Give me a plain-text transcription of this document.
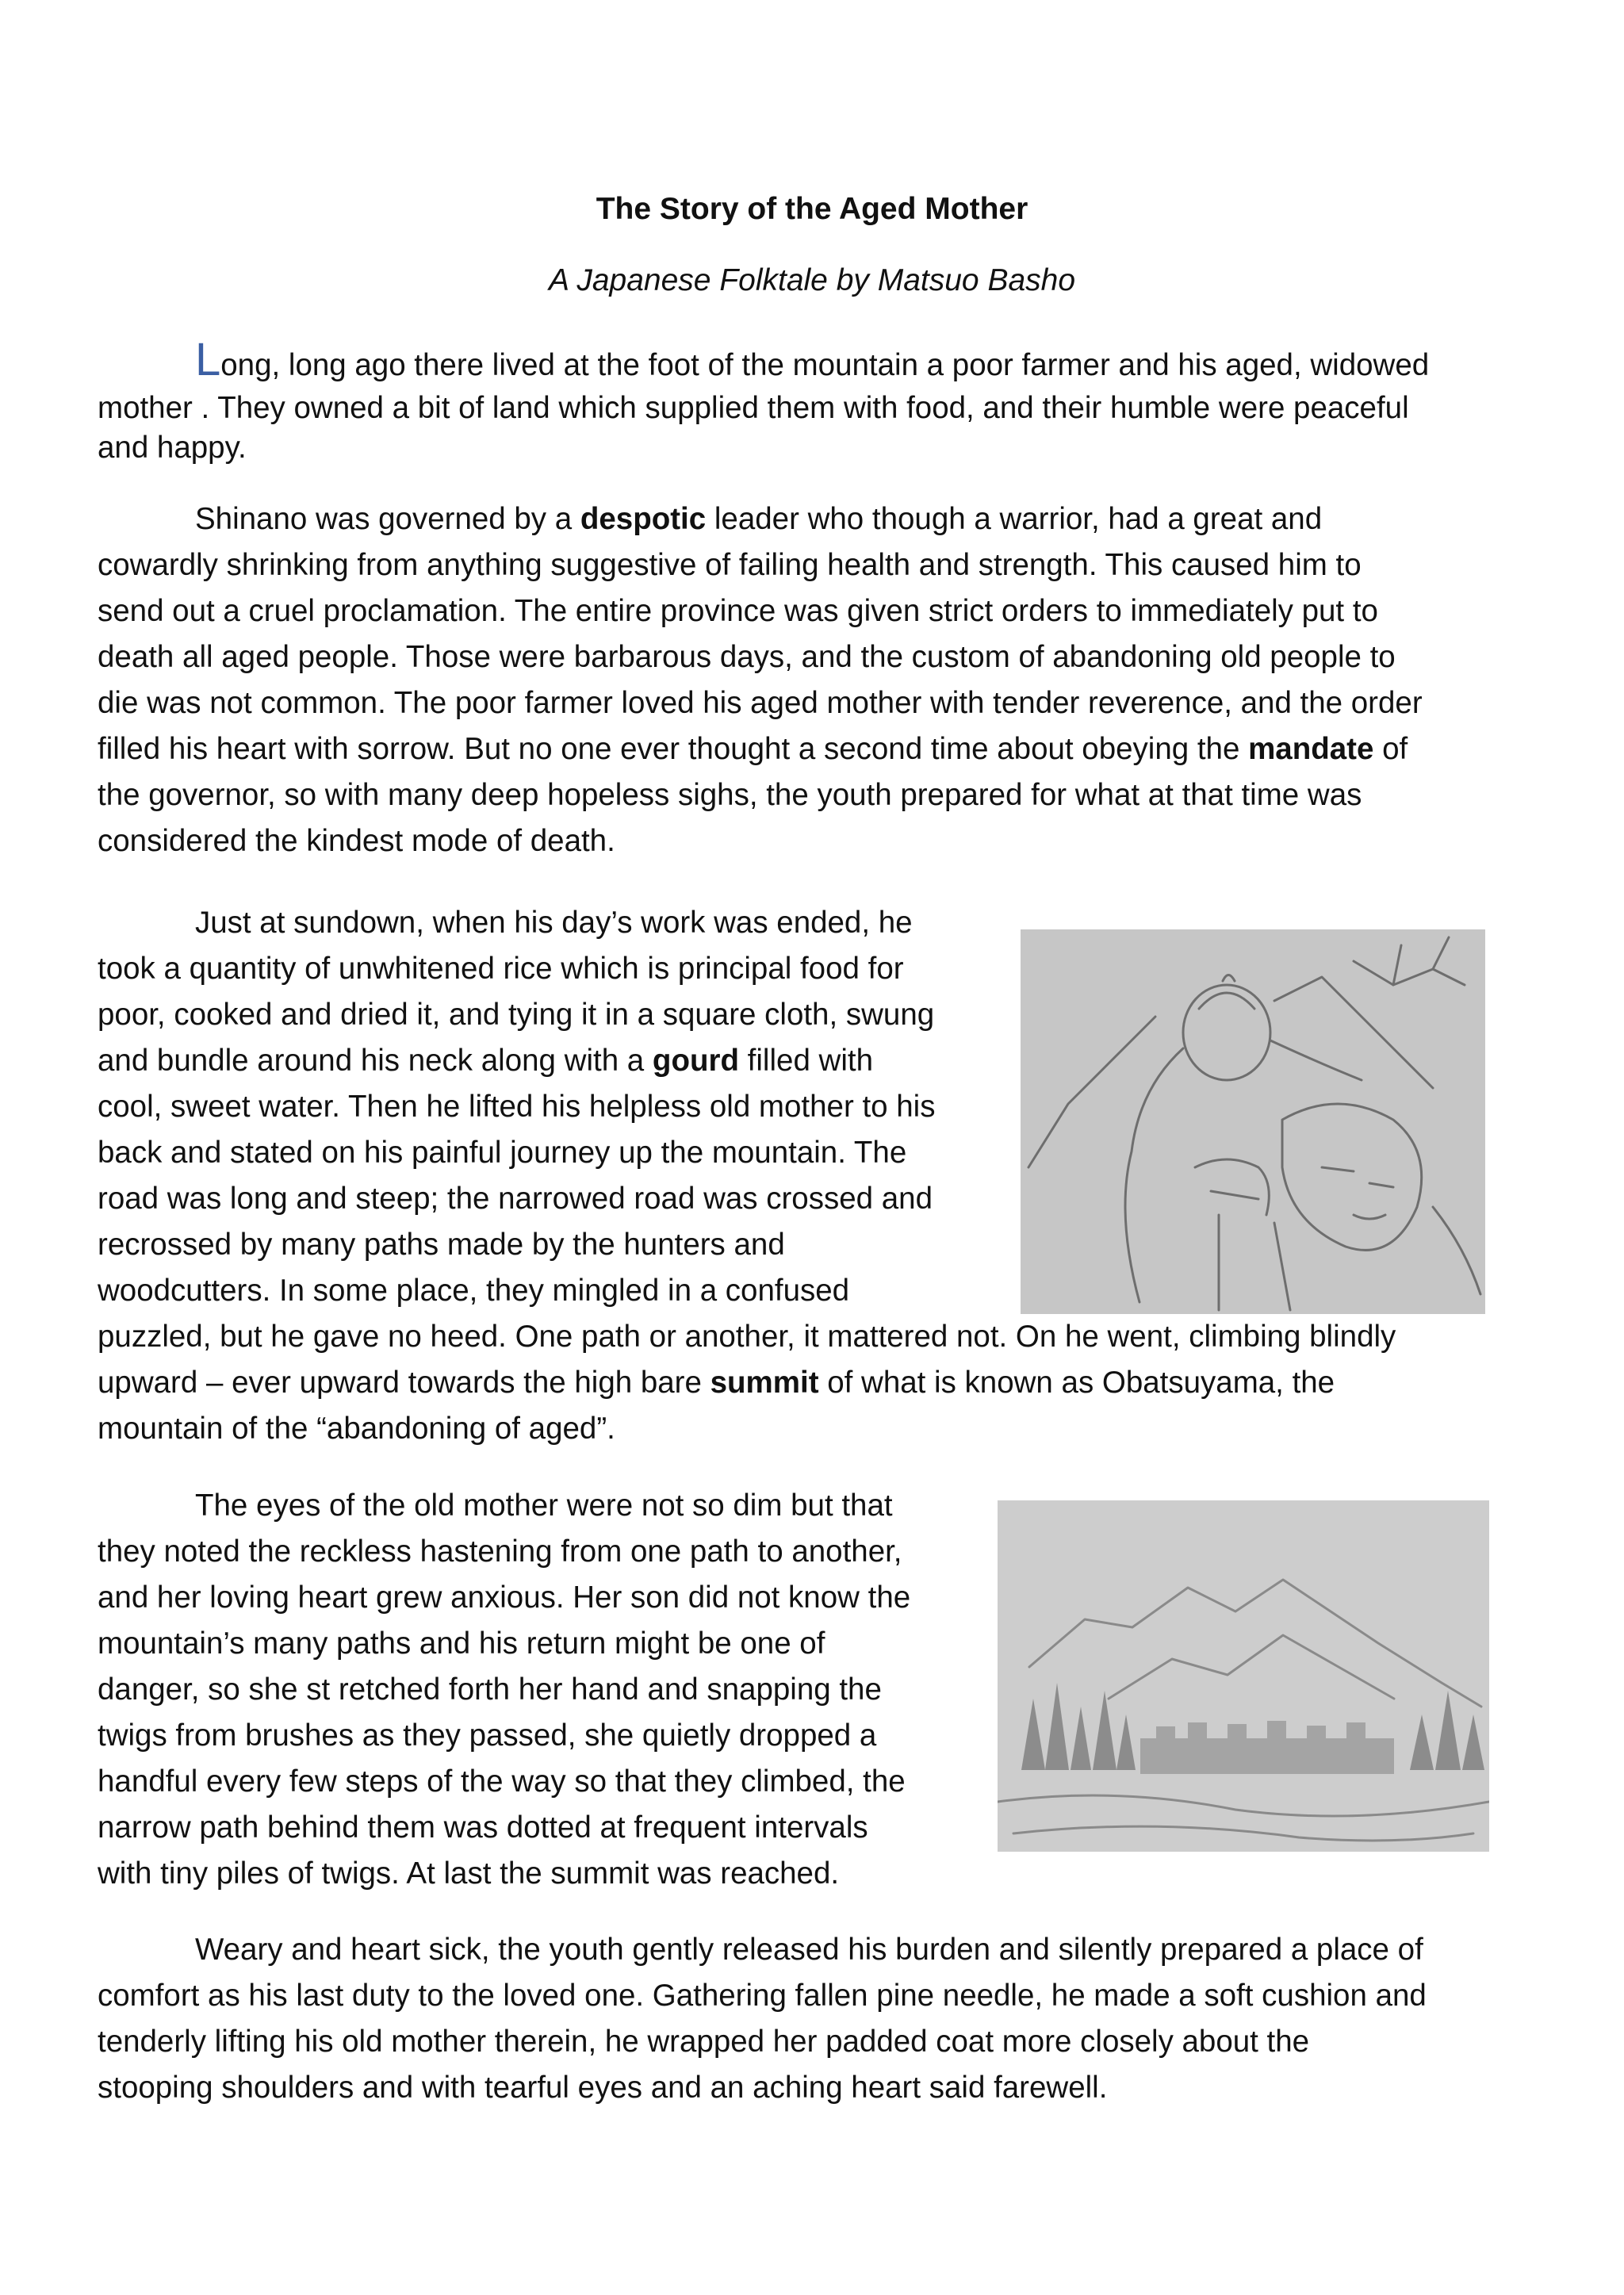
The Story of the Aged Mother
A Japanese Folktale by Matsuo Basho
Long, long ago there lived at the foot of the mountain a poor farmer and his aged, widowed
mother . They owned a bit of land which supplied them with food, and their humble were peaceful
and happy.
Shinano was governed by a despotic leader who though a warrior, had a great and
cowardly shrinking from anything suggestive of failing health and strength. This caused him to
send out a cruel proclamation. The entire province was given strict orders to immediately put to
death all aged people. Those were barbarous days, and the custom of abandoning old people to
die was not common. The poor farmer loved his aged mother with tender reverence, and the order
filled his heart with sorrow. But no one ever thought a second time about obeying the mandate of
the governor, so with many deep hopeless sighs, the youth prepared for what at that time was
considered the kindest mode of death.
Just at sundown, when his day’s work was ended, he
took a quantity of unwhitened rice which is principal food for
poor, cooked and dried it, and tying it in a square cloth, swung
and bundle around his neck along with a gourd filled with
cool, sweet water. Then he lifted his helpless old mother to his
back and stated on his painful journey up the mountain. The
road was long and steep; the narrowed road was crossed and
recrossed by many paths made by the hunters and
woodcutters. In some place, they mingled in a confused
puzzled, but he gave no heed. One path or another, it mattered not. On he went, climbing blindly
upward – ever upward towards the high bare summit of what is known as Obatsuyama, the
mountain of the “abandoning of aged”.
The eyes of the old mother were not so dim but that
they noted the reckless hastening from one path to another,
and her loving heart grew anxious. Her son did not know the
mountain’s many paths and his return might be one of
danger, so she st retched forth her hand and snapping the
twigs from brushes as they passed, she quietly dropped a
handful every few steps of the way so that they climbed, the
narrow path behind them was dotted at frequent intervals
with tiny piles of twigs. At last the summit was reached.
Weary and heart sick, the youth gently released his burden and silently prepared a place of
comfort as his last duty to the loved one. Gathering fallen pine needle, he made a soft cushion and
tenderly lifting his old mother therein, he wrapped her padded coat more closely about the
stooping shoulders and with tearful eyes and an aching heart said farewell.
